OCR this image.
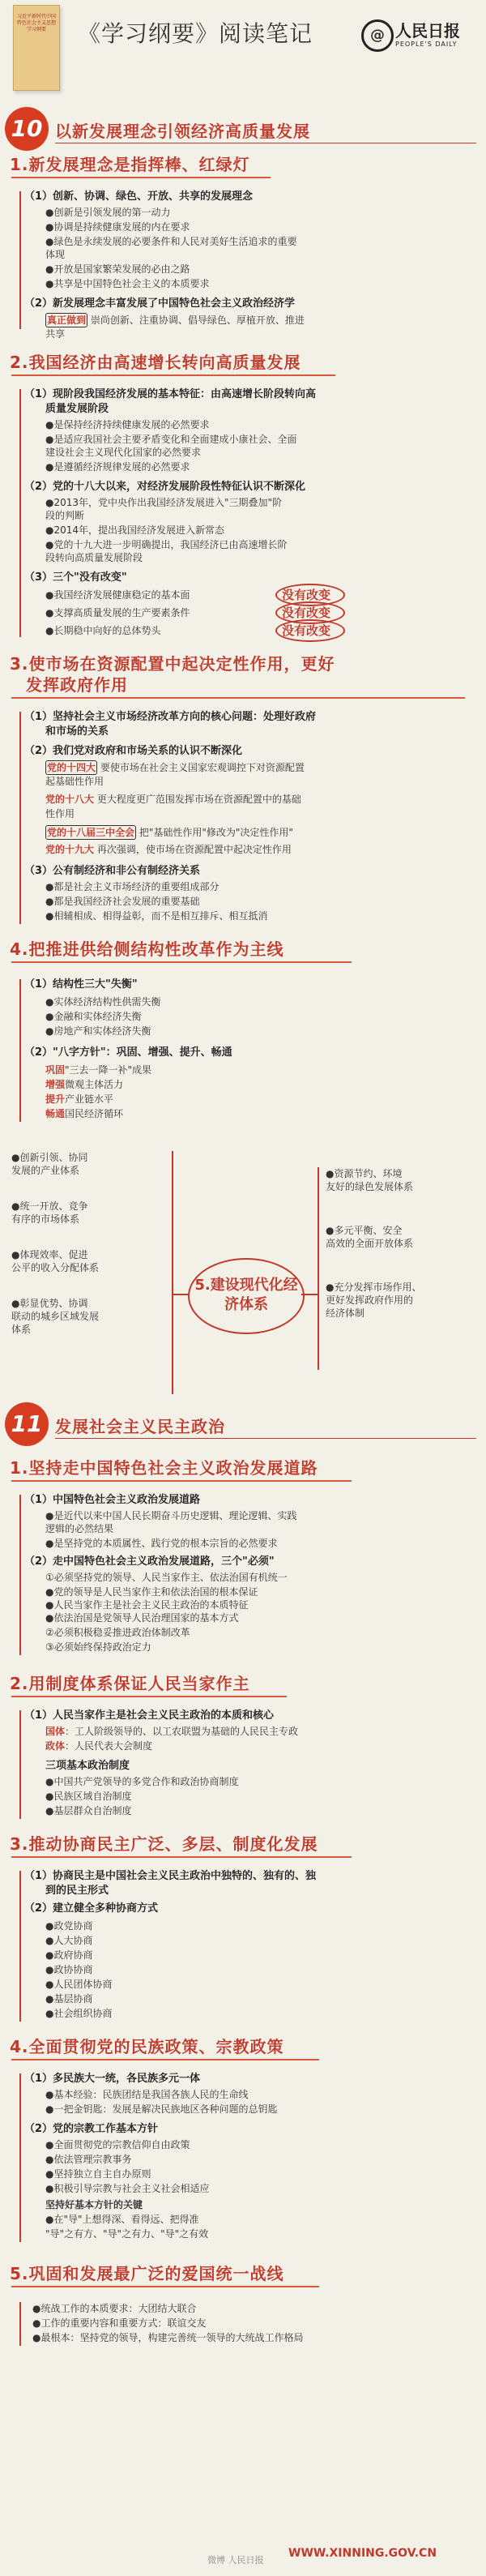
习近平新时代中国特色社会主义思想学习纲要	《学习纲要》阅读笔记	@ 人民日报
PEOPLE'S DAILY
10 以新发展理念引领经济高质量发展
1.新发展理念是指挥棒、红绿灯
（1）创新、协调、绿色、开放、共享的发展理念
●创新是引领发展的第一动力
●协调是持续健康发展的内在要求
●绿色是永续发展的必要条件和人民对美好生活追求的重要
体现
●开放是国家繁荣发展的必由之路
●共享是中国特色社会主义的本质要求
（2）新发展理念丰富发展了中国特色社会主义政治经济学
真正做到 崇尚创新、注重协调、倡导绿色、厚植开放、推进
共享
2.我国经济由高速增长转向高质量发展
（1）现阶段我国经济发展的基本特征：由高速增长阶段转向高
质量发展阶段
●是保持经济持续健康发展的必然要求
●是适应我国社会主要矛盾变化和全面建成小康社会、全面
建设社会主义现代化国家的必然要求
●是遵循经济规律发展的必然要求
（2）党的十八大以来，对经济发展阶段性特征认识不断深化
●2013年，党中央作出我国经济发展进入"三期叠加"阶
段的判断
●2014年，提出我国经济发展进入新常态
●党的十九大进一步明确提出，我国经济已由高速增长阶
段转向高质量发展阶段
（3）三个"没有改变"
●我国经济发展健康稳定的基本面
●支撑高质量发展的生产要素条件
●长期稳中向好的总体势头
没有改变
没有改变
没有改变
3.使市场在资源配置中起决定性作用，更好
发挥政府作用
（1）坚持社会主义市场经济改革方向的核心问题：处理好政府
和市场的关系
（2）我们党对政府和市场关系的认识不断深化
党的十四大 要使市场在社会主义国家宏观调控下对资源配置
起基础性作用
党的十八大 更大程度更广范围发挥市场在资源配置中的基础
性作用
党的十八届三中全会 把"基础性作用"修改为"决定性作用"
党的十九大 再次强调，使市场在资源配置中起决定性作用
（3）公有制经济和非公有制经济关系
●都是社会主义市场经济的重要组成部分
●都是我国经济社会发展的重要基础
●相辅相成、相得益彰，而不是相互排斥、相互抵消
4.把推进供给侧结构性改革作为主线
（1）结构性三大"失衡"
●实体经济结构性供需失衡
●金融和实体经济失衡
●房地产和实体经济失衡
（2）"八字方针"：巩固、增强、提升、畅通
巩固"三去一降一补"成果
增强微观主体活力
提升产业链水平
畅通国民经济循环
5.建设现代化经济体系
●创新引领、协同
发展的产业体系
●统一开放、竞争
有序的市场体系
●体现效率、促进
公平的收入分配体系
●彰显优势、协调
联动的城乡区域发展
体系
●资源节约、环境
友好的绿色发展体系
●多元平衡、安全
高效的全面开放体系
●充分发挥市场作用、
更好发挥政府作用的
经济体制
11 发展社会主义民主政治
1.坚持走中国特色社会主义政治发展道路
（1）中国特色社会主义政治发展道路
●是近代以来中国人民长期奋斗历史逻辑、理论逻辑、实践
逻辑的必然结果
●是坚持党的本质属性、践行党的根本宗旨的必然要求
（2）走中国特色社会主义政治发展道路，三个"必须"
①必须坚持党的领导、人民当家作主、依法治国有机统一
●党的领导是人民当家作主和依法治国的根本保证
●人民当家作主是社会主义民主政治的本质特征
●依法治国是党领导人民治理国家的基本方式
②必须积极稳妥推进政治体制改革
③必须始终保持政治定力
2.用制度体系保证人民当家作主
（1）人民当家作主是社会主义民主政治的本质和核心
国体：工人阶级领导的、以工农联盟为基础的人民民主专政
政体：人民代表大会制度
三项基本政治制度
●中国共产党领导的多党合作和政治协商制度
●民族区域自治制度
●基层群众自治制度
3.推动协商民主广泛、多层、制度化发展
（1）协商民主是中国社会主义民主政治中独特的、独有的、独
到的民主形式
（2）建立健全多种协商方式
●政党协商
●人大协商
●政府协商
●政协协商
●人民团体协商
●基层协商
●社会组织协商
4.全面贯彻党的民族政策、宗教政策
（1）多民族大一统，各民族多元一体
●基本经验：民族团结是我国各族人民的生命线
●一把金钥匙：发展是解决民族地区各种问题的总钥匙
（2）党的宗教工作基本方针
●全面贯彻党的宗教信仰自由政策
●依法管理宗教事务
●坚持独立自主自办原则
●积极引导宗教与社会主义社会相适应
坚持好基本方针的关键
●在"导"上想得深、看得远、把得准
"导"之有方、"导"之有力、"导"之有效
5.巩固和发展最广泛的爱国统一战线
●统战工作的本质要求：大团结大联合
●工作的重要内容和重要方式：联谊交友
●最根本：坚持党的领导，构建完善统一领导的大统战工作格局
微博 人民日报
WWW.XINNING.GOV.CN
